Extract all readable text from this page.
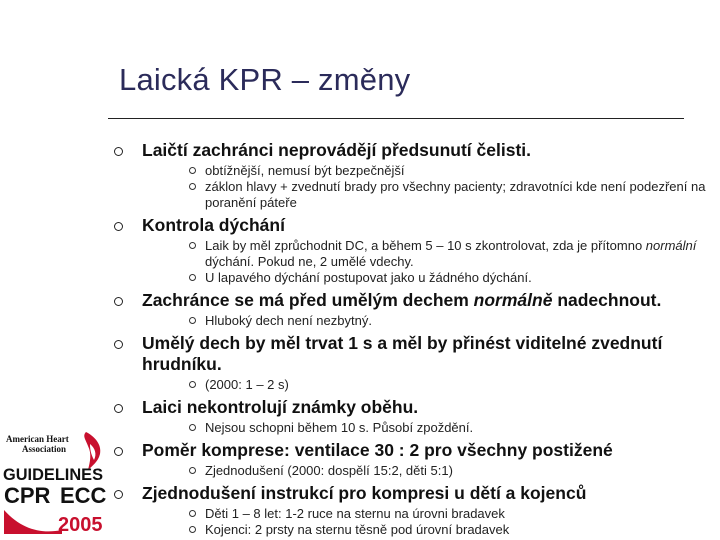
Laická KPR – změny
Laičtí zachránci neprovádějí předsunutí čelisti.
obtížnější, nemusí být bezpečnější
záklon hlavy + zvednutí brady pro všechny pacienty; zdravotníci kde není podezření na poranění páteře
Kontrola dýchání
Laik by měl zprůchodnit DC, a během 5 – 10 s zkontrolovat, zda je přítomno normální dýchání. Pokud ne, 2 umělé vdechy.
U lapavého dýchání postupovat jako u žádného dýchání.
Zachránce se má před umělým dechem normálně nadechnout.
Hluboký dech není nezbytný.
Umělý dech by měl trvat 1 s a měl by přinést viditelné zvednutí hrudníku.
(2000: 1 – 2 s)
Laici nekontrolují známky oběhu.
Nejsou schopni během 10 s. Působí zpoždění.
Poměr komprese: ventilace 30 : 2 pro všechny postižené
Zjednodušení (2000: dospělí 15:2, děti 5:1)
Zjednodušení instrukcí pro kompresi u dětí a kojenců
Děti 1 – 8 let: 1-2 ruce na sternu na úrovni bradavek
Kojenci: 2 prsty na sternu těsně pod úrovní bradavek
American Heart
Association
GUIDELINES
CPR ECC
2005
